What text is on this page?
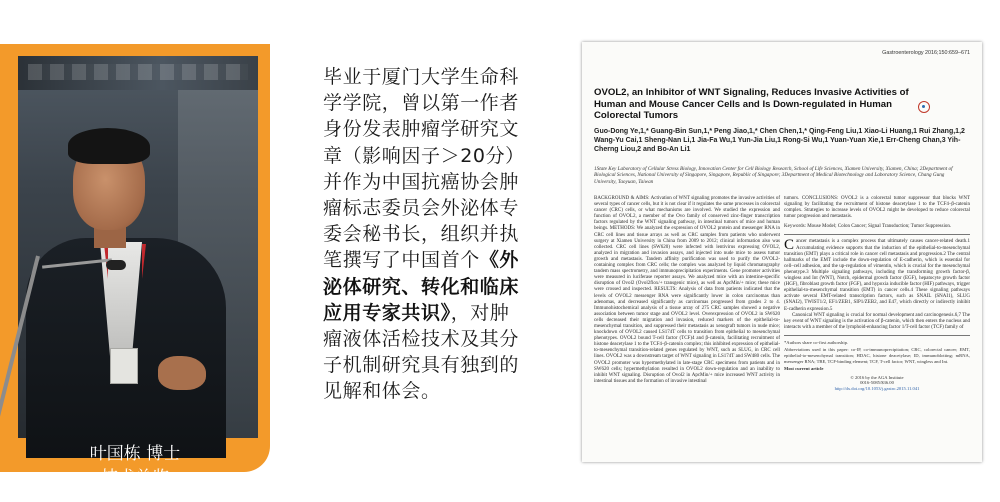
叶国栋 博士
技术总监
毕业于厦门大学生命科学学院，曾以第一作者身份发表肿瘤学研究文章（影响因子＞20分）并作为中国抗癌协会肿瘤标志委员会外泌体专委会秘书长，组织并执笔撰写了中国首个《外泌体研究、转化和临床应用专家共识》，对肿瘤液体活检技术及其分子机制研究具有独到的见解和体会。
Gastroenterology 2016;150:659–671
OVOL2, an Inhibitor of WNT Signaling, Reduces Invasive Activities of Human and Mouse Cancer Cells and Is Down-regulated in Human Colorectal Tumors
Guo-Dong Ye,1,* Guang-Bin Sun,1,* Peng Jiao,1,* Chen Chen,1,* Qing-Feng Liu,1 Xiao-Li Huang,1 Rui Zhang,1,2 Wang-Yu Cai,1 Sheng-Nan Li,1 Jia-Fa Wu,1 Yun-Jia Liu,1 Rong-Si Wu,1 Yuan-Yuan Xie,1 Err-Cheng Chan,3 Yih-Cherng Liou,2 and Bo-An Li1
1State Key Laboratory of Cellular Stress Biology, Innovation Center for Cell Biology Research, School of Life Sciences, Xiamen University, Xiamen, China; 2Department of Biological Sciences, National University of Singapore, Singapore, Republic of Singapore; 3Department of Medical Biotechnology and Laboratory Science, Chang Gung University, Taoyuan, Taiwan
BACKGROUND & AIMS: Activation of WNT signaling promotes the invasive activities of several types of cancer cells, but it is not clear if it regulates the same processes in colorectal cancer (CRC) cells, or what mechanisms are involved. We studied the expression and function of OVOL2, a member of the Ovo family of conserved zinc-finger transcription factors regulated by the WNT signaling pathway, in intestinal tumors of mice and human beings. METHODS: We analyzed the expression of OVOL2 protein and messenger RNA in CRC cell lines and tissue arrays as well as CRC samples from patients who underwent surgery at Xiamen University in China from 2009 to 2012; clinical information also was collected. CRC cell lines (SW620) were infected with lentivirus expressing OVOL2, analyzed in migration and invasion assays, and injected into nude mice to assess tumor growth and metastasis. Tandem affinity purification was used to purify the OVOL2-containing complex from CRC cells; the complex was analyzed by liquid chromatography tandem mass spectrometry, and immunoprecipitation experiments. Gene promoter activities were measured in luciferase reporter assays. We analyzed mice with an intestine-specific disruption of Ovol2 (Ovol2flox/+ transgenic mice), as well as ApcMin/+ mice; these mice were crossed and inspected. RESULTS: Analysis of data from patients indicated that the levels of OVOL2 messenger RNA were significantly lower in colon carcinomas than adenomas, and decreased significantly as carcinomas progressed from grades 2 to 4. Immunohistochemical analysis of a tissue array of 275 CRC samples showed a negative association between tumor stage and OVOL2 level. Overexpression of OVOL2 in SW620 cells decreased their migration and invasion, reduced markers of the epithelial-to-mesenchymal transition, and suppressed their metastasis as xenograft tumors in nude mice; knockdown of OVOL2 caused LS174T cells to transition from epithelial to mesenchymal phenotypes. OVOL2 bound T-cell factor (TCF)4 and β-catenin, facilitating recruitment of histone deacetylase 1 to the TCF4–β-catenin complex; this inhibited expression of epithelial-to-mesenchymal transition-related genes regulated by WNT, such as SLUG, in CRC cell lines. OVOL2 was a downstream target of WNT signaling in LS174T and SW480 cells. The OVOL2 promoter was hypermethylated in late-stage CRC specimens from patients and in SW620 cells; hypermethylation resulted in OVOL2 down-regulation and an inability to inhibit WNT signaling. Disruption of Ovol2 in ApcMin/+ mice increased WNT activity in intestinal tissues and the formation of invasive intestinal
tumors. CONCLUSIONS: OVOL2 is a colorectal tumor suppressor that blocks WNT signaling by facilitating the recruitment of histone deacetylase 1 to the TCF4–β-catenin complex. Strategies to increase levels of OVOL2 might be developed to reduce colorectal tumor progression and metastasis.
Keywords: Mouse Model; Colon Cancer; Signal Transduction; Tumor Suppression.
Cancer metastasis is a complex process that ultimately causes cancer-related death.1 Accumulating evidence supports that the induction of the epithelial-to-mesenchymal transition (EMT) plays a critical role in cancer cell metastasis and progression.2 The central hallmarks of the EMT include the down-regulation of E-cadherin, which is essential for cell–cell adhesion, and the up-regulation of vimentin, which is crucial for the mesenchymal phenotype.3 Multiple signaling pathways, including the transforming growth factor-β, wingless and Int (WNT), Notch, epidermal growth factor (EGF), hepatocyte growth factor (HGF), fibroblast growth factor (FGF), and hypoxia inducible factor (HIF) pathways, trigger epithelial-to-mesenchymal transition (EMT) in cancer cells.4 These signaling pathways activate several EMT-related transcription factors, such as SNAIL (SNAI1), SLUG (SNAI2), TWIST1/2, EF1/ZEB1, SIP1/ZEB2, and E47, which directly or indirectly inhibit E-cadherin expression.5
Canonical WNT signaling is crucial for normal development and carcinogenesis.6,7 The key event of WNT signaling is the activation of β-catenin, which then enters the nucleus and interacts with a member of the lymphoid-enhancing factor 1/T-cell factor (TCF) family of
*Authors share co-first authorship.
Abbreviations used in this paper: co-IP, co-immunoprecipitation; CRC, colorectal cancer; EMT, epithelial-to-mesenchymal transition; HDAC, histone deacetylase; ID, immunoblotting; mRNA, messenger RNA; TBE, TCF-binding element; TCF, T-cell factor; WNT, wingless and Int.
Most current article
© 2016 by the AGA Institute
0016-5085/$36.00
http://dx.doi.org/10.1053/j.gastro.2015.11.041
